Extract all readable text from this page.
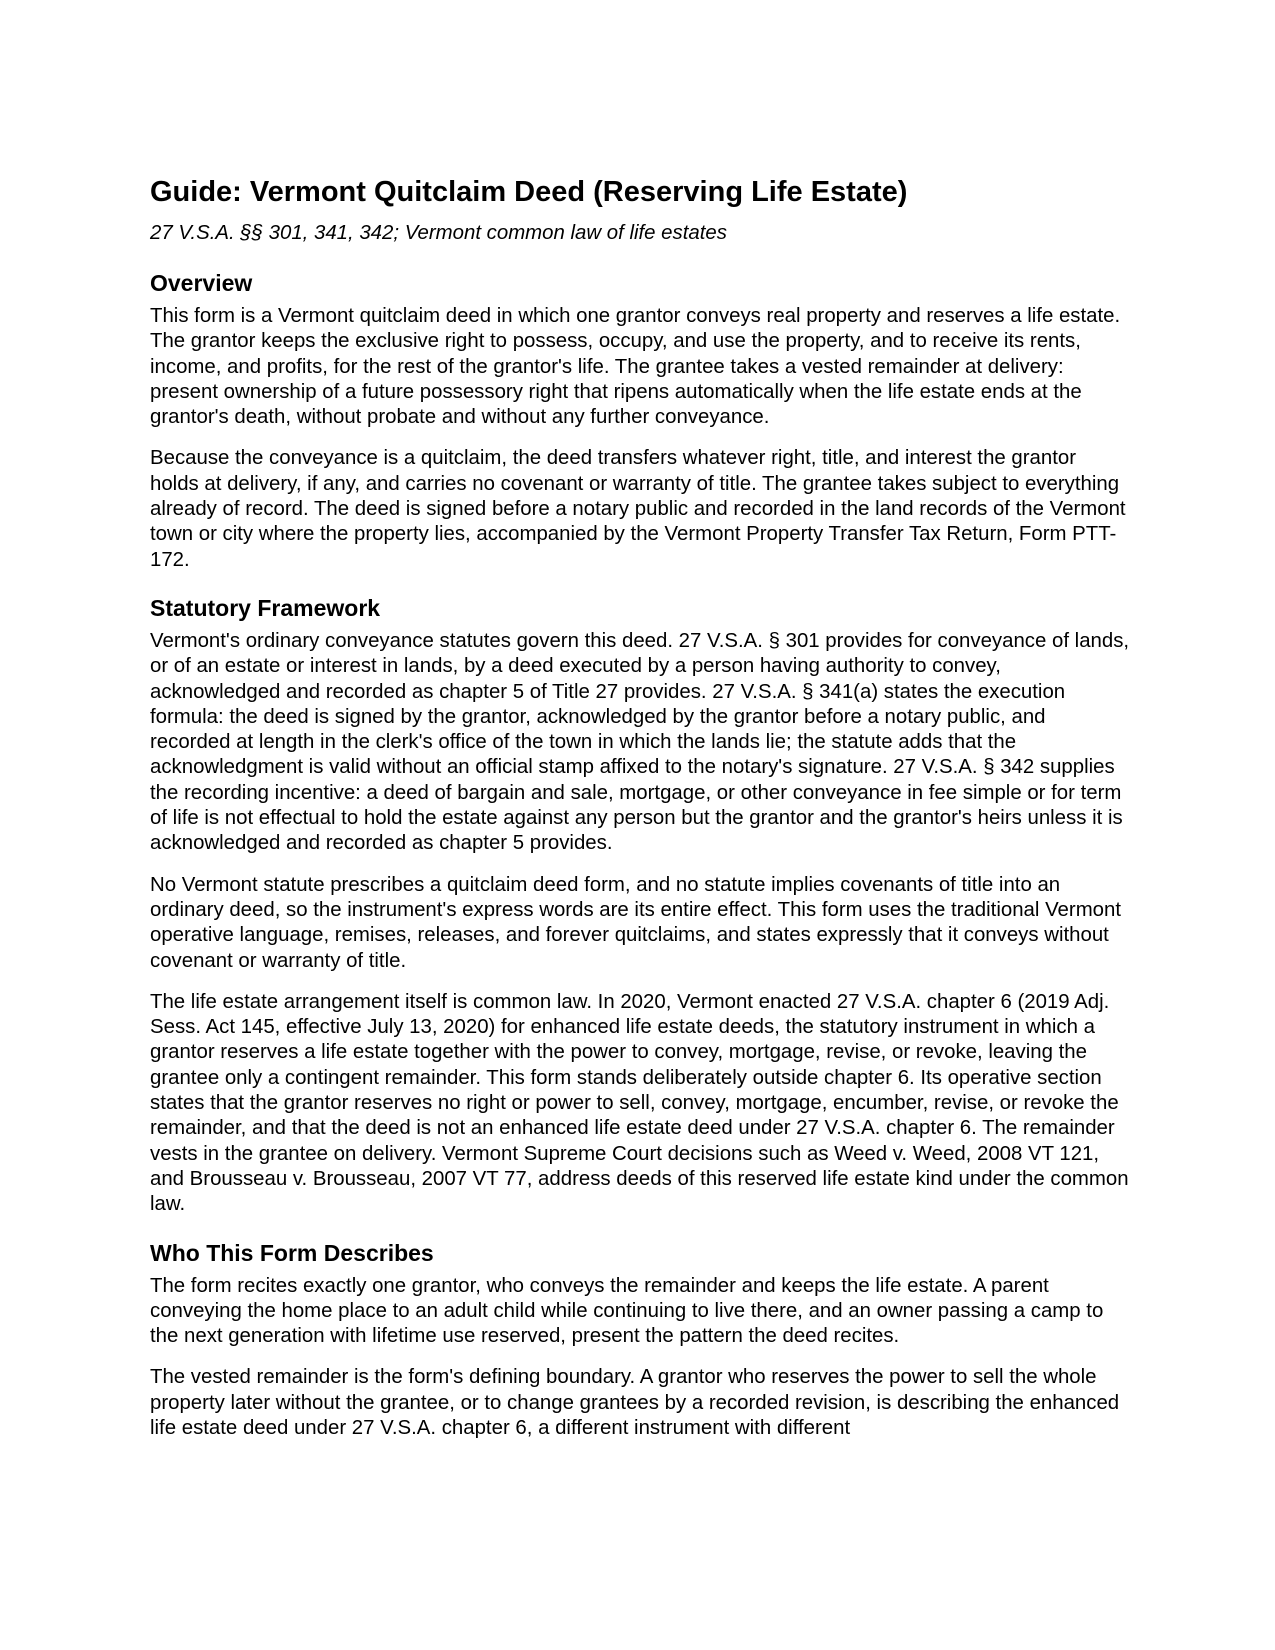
Guide: Vermont Quitclaim Deed (Reserving Life Estate)

27 V.S.A. §§ 301, 341, 342; Vermont common law of life estates

Overview

This form is a Vermont quitclaim deed in which one grantor conveys real property and reserves a life estate. The grantor keeps the exclusive right to possess, occupy, and use the property, and to receive its rents, income, and profits, for the rest of the grantor's life. The grantee takes a vested remainder at delivery: present ownership of a future possessory right that ripens automatically when the life estate ends at the grantor's death, without probate and without any further conveyance.

Because the conveyance is a quitclaim, the deed transfers whatever right, title, and interest the grantor holds at delivery, if any, and carries no covenant or warranty of title. The grantee takes subject to everything already of record. The deed is signed before a notary public and recorded in the land records of the Vermont town or city where the property lies, accompanied by the Vermont Property Transfer Tax Return, Form PTT-172.

Statutory Framework

Vermont's ordinary conveyance statutes govern this deed. 27 V.S.A. § 301 provides for conveyance of lands, or of an estate or interest in lands, by a deed executed by a person having authority to convey, acknowledged and recorded as chapter 5 of Title 27 provides. 27 V.S.A. § 341(a) states the execution formula: the deed is signed by the grantor, acknowledged by the grantor before a notary public, and recorded at length in the clerk's office of the town in which the lands lie; the statute adds that the acknowledgment is valid without an official stamp affixed to the notary's signature. 27 V.S.A. § 342 supplies the recording incentive: a deed of bargain and sale, mortgage, or other conveyance in fee simple or for term of life is not effectual to hold the estate against any person but the grantor and the grantor's heirs unless it is acknowledged and recorded as chapter 5 provides.

No Vermont statute prescribes a quitclaim deed form, and no statute implies covenants of title into an ordinary deed, so the instrument's express words are its entire effect. This form uses the traditional Vermont operative language, remises, releases, and forever quitclaims, and states expressly that it conveys without covenant or warranty of title.

The life estate arrangement itself is common law. In 2020, Vermont enacted 27 V.S.A. chapter 6 (2019 Adj. Sess. Act 145, effective July 13, 2020) for enhanced life estate deeds, the statutory instrument in which a grantor reserves a life estate together with the power to convey, mortgage, revise, or revoke, leaving the grantee only a contingent remainder. This form stands deliberately outside chapter 6. Its operative section states that the grantor reserves no right or power to sell, convey, mortgage, encumber, revise, or revoke the remainder, and that the deed is not an enhanced life estate deed under 27 V.S.A. chapter 6. The remainder vests in the grantee on delivery. Vermont Supreme Court decisions such as Weed v. Weed, 2008 VT 121, and Brousseau v. Brousseau, 2007 VT 77, address deeds of this reserved life estate kind under the common law.

Who This Form Describes

The form recites exactly one grantor, who conveys the remainder and keeps the life estate. A parent conveying the home place to an adult child while continuing to live there, and an owner passing a camp to the next generation with lifetime use reserved, present the pattern the deed recites.

The vested remainder is the form's defining boundary. A grantor who reserves the power to sell the whole property later without the grantee, or to change grantees by a recorded revision, is describing the enhanced life estate deed under 27 V.S.A. chapter 6, a different instrument with different
